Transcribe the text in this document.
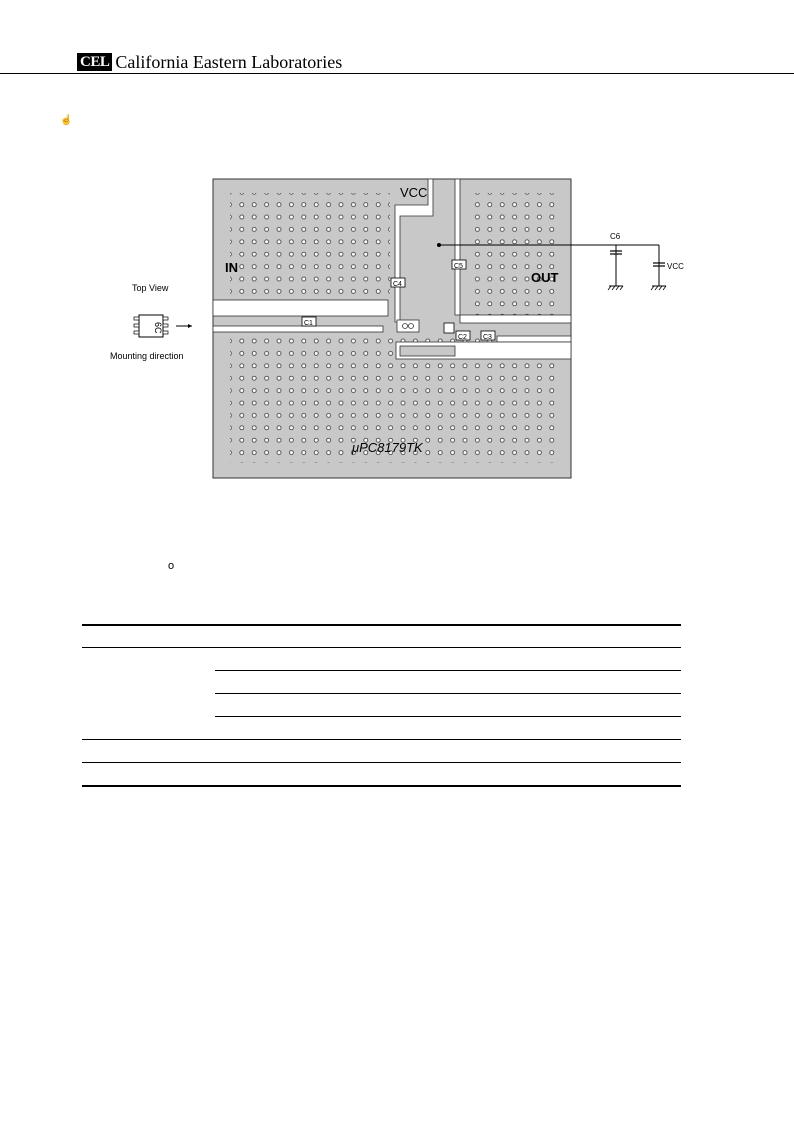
CEL California Eastern Laboratories
☝
C1
C4
C5
C2 C3
VCC
IN
OUT
μPC8179TK
C6
VCC
Top View
6C
Mounting direction
o
